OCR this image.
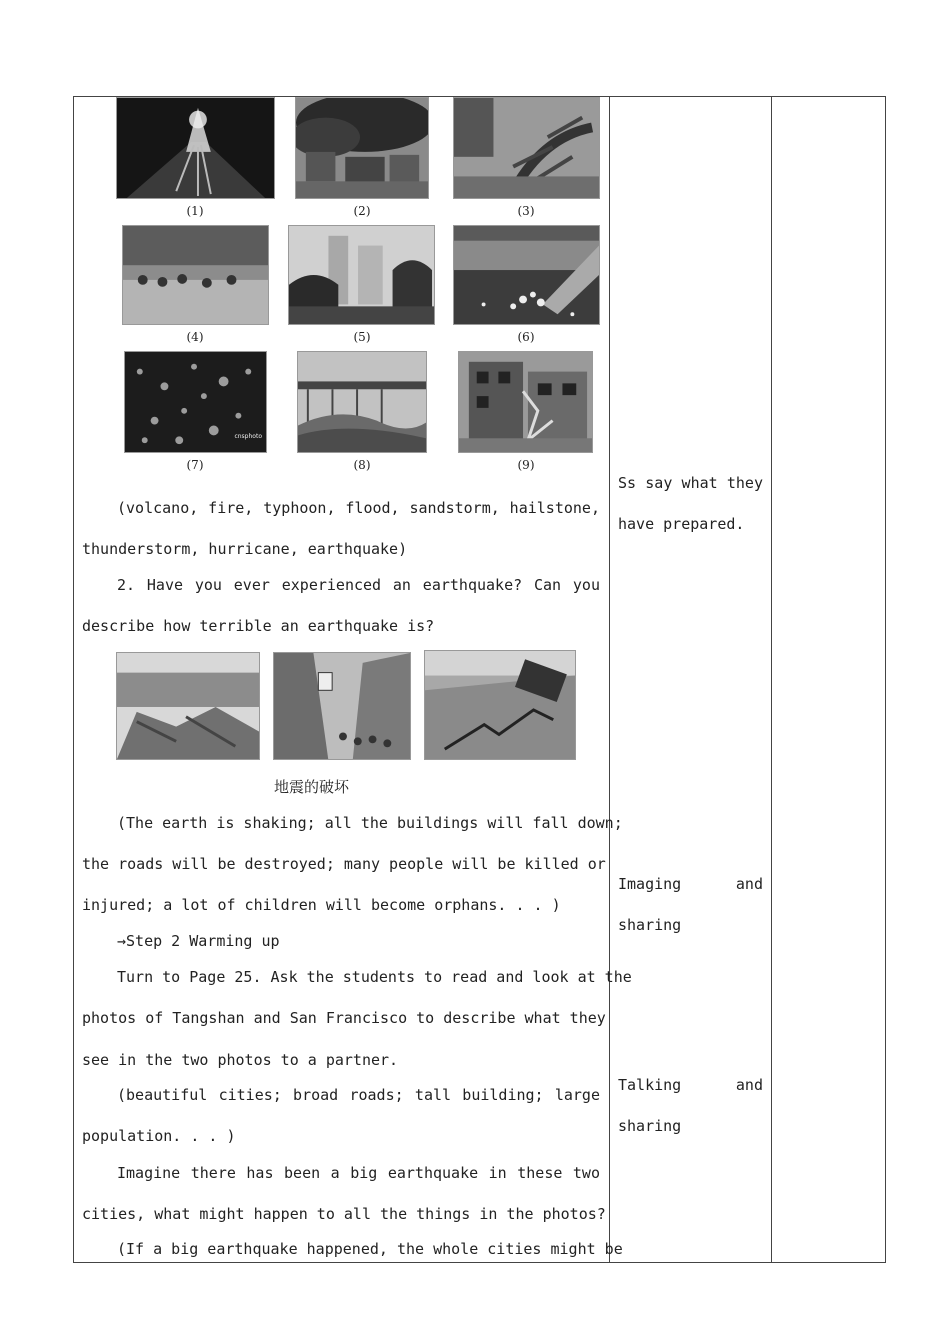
(1)	(2)	(3)
(4)	(5)	(6)
cnsphoto
(7)	(8)	(9)
(volcano, fire, typhoon, flood, sandstorm, hailstone,
thunderstorm, hurricane, earthquake)
2. Have you ever experienced an earthquake? Can you
describe how terrible an earthquake is?
地震的破坏
(The earth is shaking; all the buildings will fall down;
the roads will be destroyed; many people will be killed or
injured; a lot of children will become orphans. . . )
→Step 2 Warming up
Turn to Page 25. Ask the students to read and look at the
photos of Tangshan and San Francisco to describe what they
see in the two photos to a partner.
(beautiful cities; broad roads; tall building; large
population. . . )
Imagine there has been a big earthquake in these two
cities, what might happen to all the things in the photos?
(If a big earthquake happened, the whole cities might be
Ss say what they
have prepared.
Imaging and
sharing
Talking and
sharing
